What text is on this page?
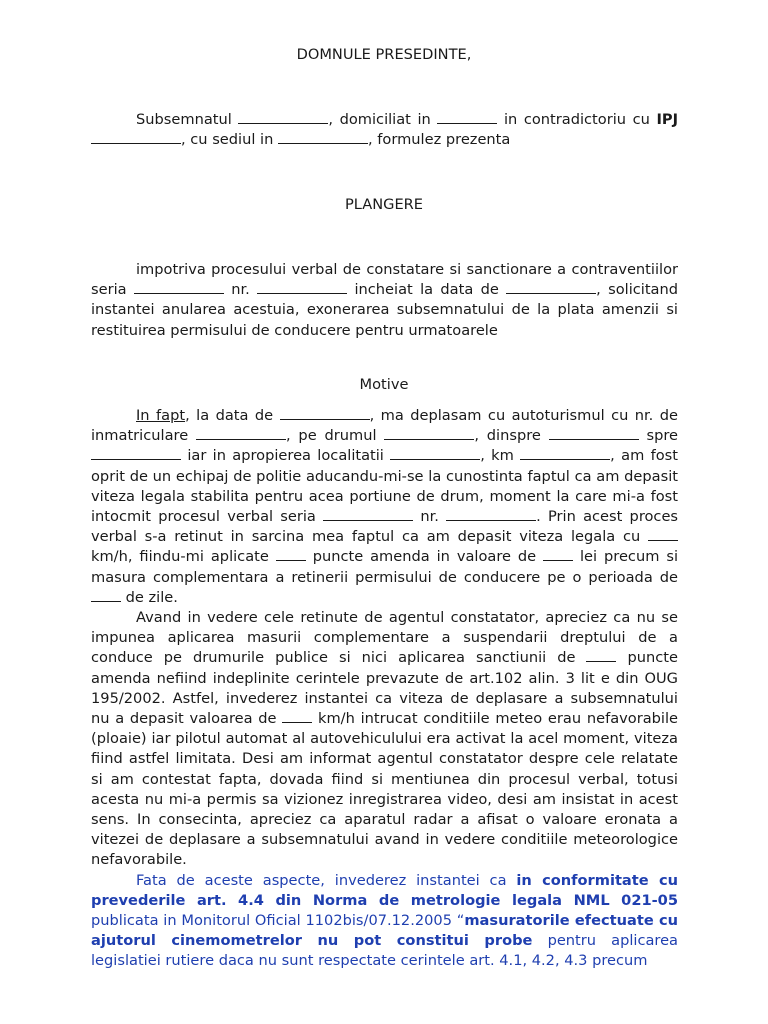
DOMNULE PRESEDINTE,
Subsemnatul	, domiciliat in	in contradictoriu cu IPJ , cu sediul in	, formulez prezenta
PLANGERE
impotriva procesului verbal de constatare si sanctionare a contraventiilor seria	nr.	incheiat la data de	, solicitand instantei anularea acestuia, exonerarea subsemnatului de la plata amenzii si restituirea permisului de conducere pentru urmatoarele
Motive

In fapt, la data de	, ma deplasam cu autoturismul cu nr. de inmatriculare	, pe drumul	, dinspre	spre  iar in apropierea localitatii	, km	, am fost oprit de un echipaj de politie aducandu-mi-se la cunostinta faptul ca am depasit viteza legala stabilita pentru acea portiune de drum, moment la care mi-a fost intocmit procesul verbal seria	nr.	. Prin acest proces verbal s-a retinut in sarcina mea faptul ca am depasit viteza legala cu  km/h, fiindu-mi aplicate	puncte amenda in valoare de	lei precum si masura complementara a retinerii permisului de conducere pe o perioada de  de zile.

Avand in vedere cele retinute de agentul constatator, apreciez ca nu se impunea aplicarea masurii complementare a suspendarii dreptului de a conduce pe drumurile publice si nici aplicarea sanctiunii de	puncte amenda nefiind indeplinite cerintele prevazute de art.102 alin. 3 lit e din OUG 195/2002. Astfel, invederez instantei ca viteza de deplasare a subsemnatului nu a depasit valoarea de	km/h intrucat conditiile meteo erau nefavorabile (ploaie) iar pilotul automat al autovehiculului era activat la acel moment, viteza fiind astfel limitata. Desi am informat agentul constatator despre cele relatate si am contestat fapta, dovada fiind si mentiunea din procesul verbal, totusi acesta nu mi-a permis sa vizionez inregistrarea video, desi am insistat in acest sens. In consecinta, apreciez ca aparatul radar a afisat o valoare eronata a vitezei de deplasare a subsemnatului avand in vedere conditiile meteorologice nefavorabile.

Fata de aceste aspecte, invederez instantei ca in conformitate cu prevederile art. 4.4 din Norma de metrologie legala NML 021-05 publicata in Monitorul Oficial 1102bis/07.12.2005 “masuratorile efectuate cu ajutorul cinemometrelor nu pot constitui probe pentru aplicarea legislatiei rutiere daca nu sunt respectate cerintele art. 4.1, 4.2, 4.3 precum
